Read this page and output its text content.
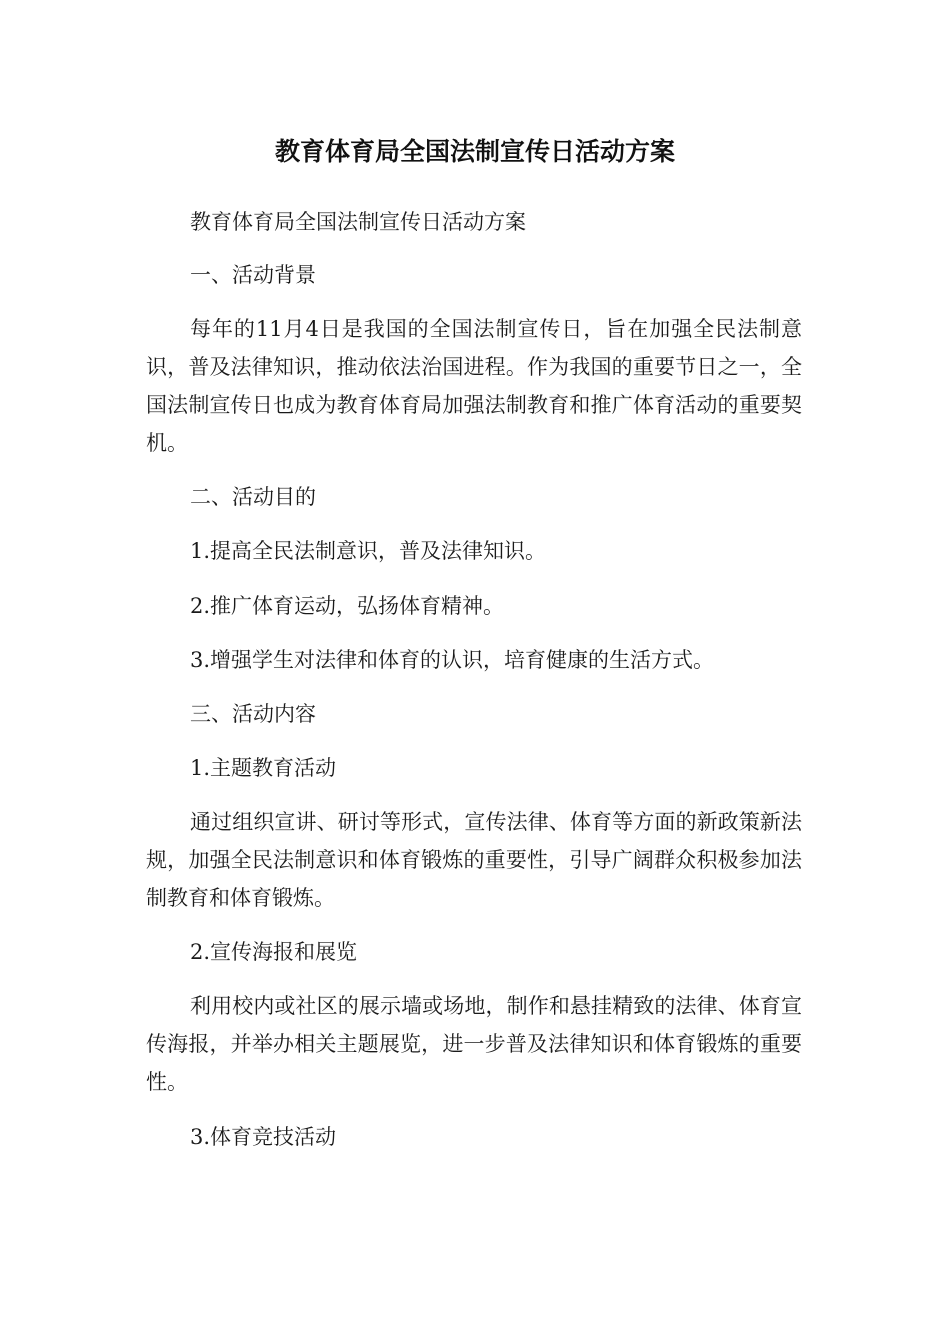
教育体育局全国法制宣传日活动方案

教育体育局全国法制宣传日活动方案

一、活动背景

每年的11月4日是我国的全国法制宣传日，旨在加强全民法制意识，普及法律知识，推动依法治国进程。作为我国的重要节日之一，全国法制宣传日也成为教育体育局加强法制教育和推广体育活动的重要契机。

二、活动目的

1.提高全民法制意识，普及法律知识。

2.推广体育运动，弘扬体育精神。

3.增强学生对法律和体育的认识，培育健康的生活方式。

三、活动内容

1.主题教育活动

通过组织宣讲、研讨等形式，宣传法律、体育等方面的新政策新法规，加强全民法制意识和体育锻炼的重要性，引导广阔群众积极参加法制教育和体育锻炼。

2.宣传海报和展览

利用校内或社区的展示墙或场地，制作和悬挂精致的法律、体育宣传海报，并举办相关主题展览，进一步普及法律知识和体育锻炼的重要性。

3.体育竞技活动
